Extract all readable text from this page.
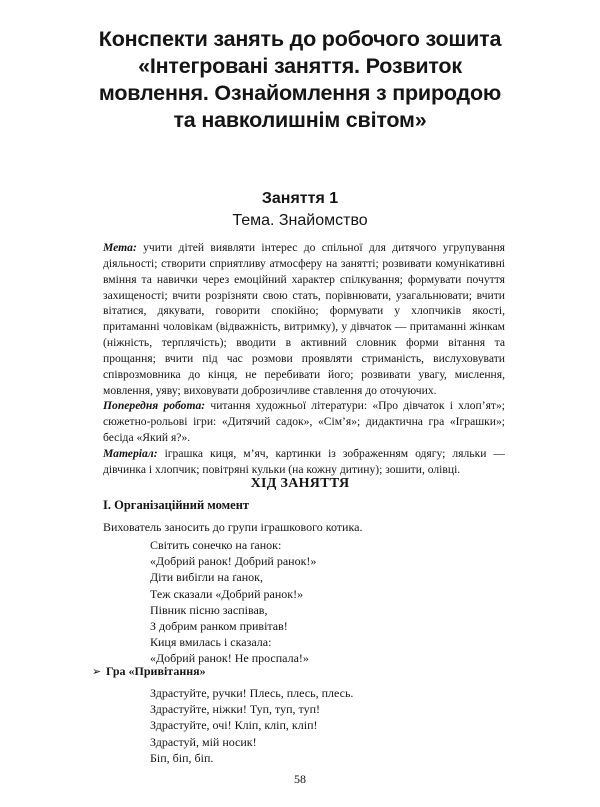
Конспекти занять до робочого зошита
«Інтегровані заняття. Розвиток
мовлення. Ознайомлення з природою
та навколишнім світом»
Заняття 1
Тема. Знайомство

Мета: учити дітей виявляти інтерес до спільної для дитячого угрупування діяльності; створити сприятливу атмосферу на занятті; розвивати комунікативні вміння та навички через емоційний характер спілкування; формувати почуття захищеності; вчити розрізняти свою стать, порівнювати, узагальнювати; вчити вітатися, дякувати, говорити спокійно; формувати у хлопчиків якості, притаманні чоловікам (відважність, витримку), у дівчаток — притаманні жінкам (ніжність, терплячість); вводити в активний словник форми вітання та прощання; вчити під час розмови проявляти стриманість, вислуховувати співрозмовника до кінця, не перебивати його; розвивати увагу, мислення, мовлення, уяву; виховувати доброзичливе ставлення до оточуючих.

Попередня робота: читання художньої літератури: «Про дівчаток і хлоп’ят»; сюжетно-рольові ігри: «Дитячий садок», «Сім’я»; дидактична гра «Іграшки»; бесіда «Який я?».

Матеріал: іграшка киця, м’яч, картинки із зображенням одягу; ляльки — дівчинка і хлопчик; повітряні кульки (на кожну дитину); зошити, олівці.

ХІД ЗАНЯТТЯ
I. Організаційний момент
Вихователь заносить до групи іграшкового котика.
Світить сонечко на ґанок:
«Добрий ранок! Добрий ранок!»
Діти вибігли на ґанок,
Теж сказали «Добрий ранок!»
Півник пісню заспівав,
З добрим ранком привітав!
Киця вмилась і сказала:
«Добрий ранок! Не проспала!»
➢ Гра «Привітання»
Здрастуйте, ручки! Плесь, плесь, плесь.
Здрастуйте, ніжки! Туп, туп, туп!
Здрастуйте, очі! Кліп, кліп, кліп!
Здрастуй, мій носик!
Біп, біп, біп.
58
